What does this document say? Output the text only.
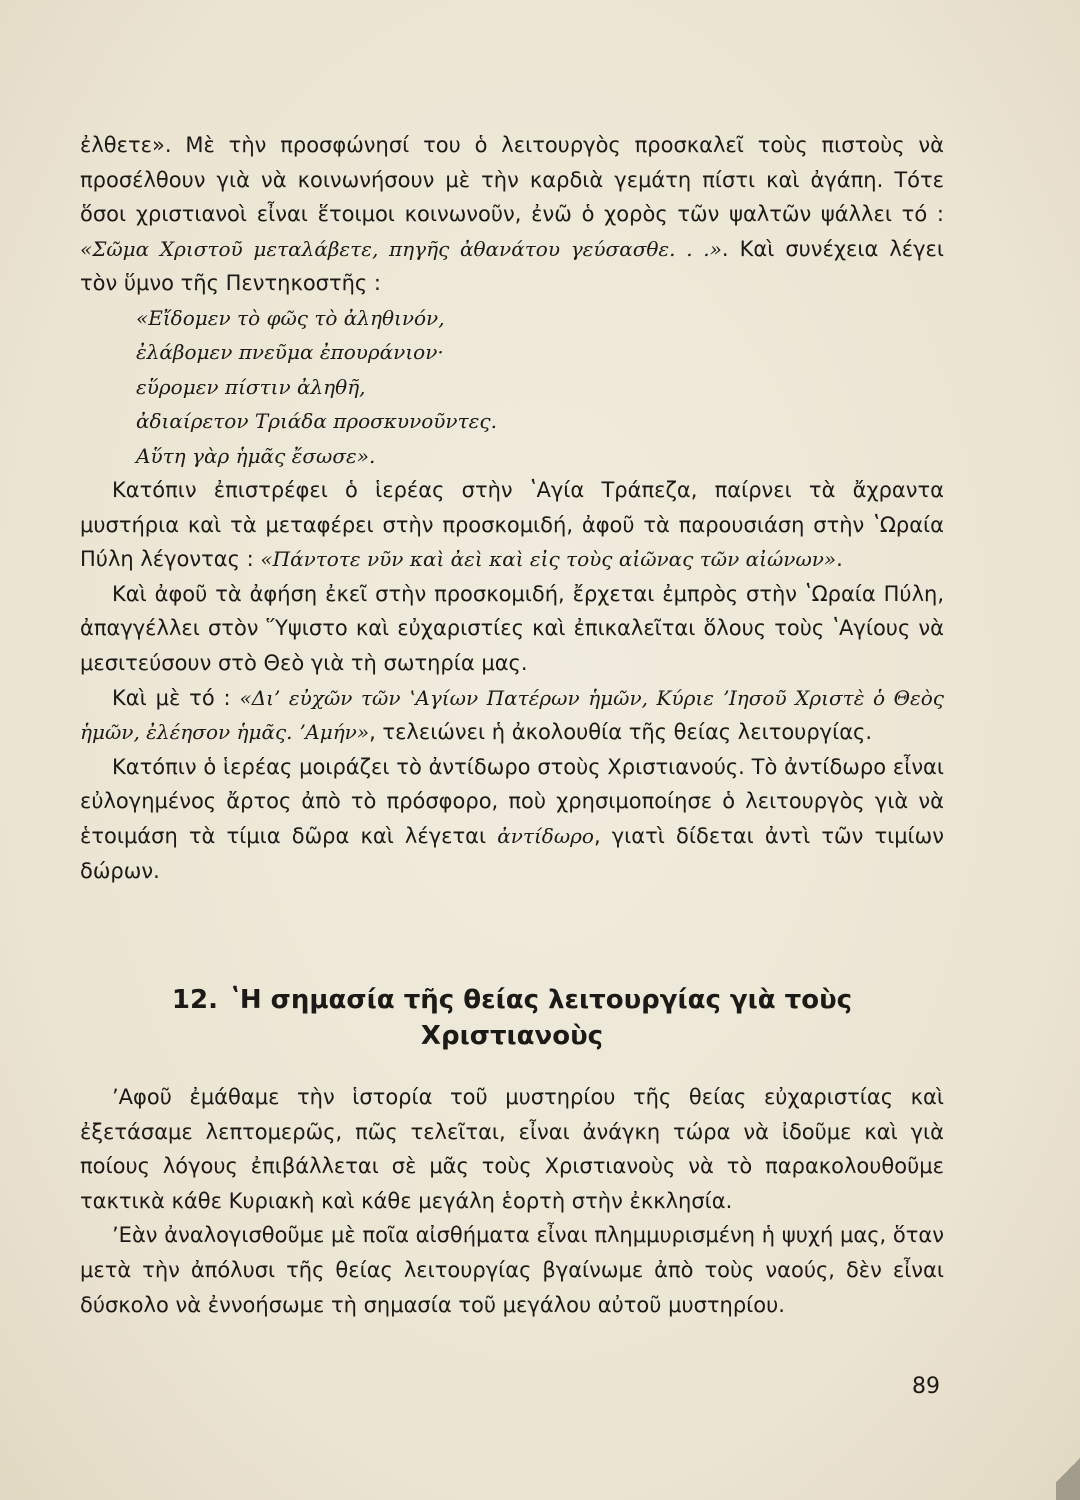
ἐλθετε». Μὲ τὴν προσφώνησί του ὁ λειτουργὸς προσκαλεῖ τοὺς πιστοὺς νὰ προσέλθουν γιὰ νὰ κοινωνήσουν μὲ τὴν καρδιὰ γεμάτη πίστι καὶ ἀγάπη. Τότε ὅσοι χριστιανοὶ εἶναι ἕτοιμοι κοινωνοῦν, ἐνῶ ὁ χορὸς τῶν ψαλτῶν ψάλλει τό : «Σῶμα Χριστοῦ μεταλάβετε, πηγῆς ἀθανάτου γεύσασθε. . .». Καὶ συνέχεια λέγει τὸν ὕμνο τῆς Πεντηκοστῆς :

«Εἴδομεν τὸ φῶς τὸ ἀληθινόν,
ἐλάβομεν πνεῦμα ἐπουράνιον·
εὕρομεν πίστιν ἀληθῆ,
ἀδιαίρετον Τριάδα προσκυνοῦντες.
Αὕτη γὰρ ἡμᾶς ἔσωσε».

Κατόπιν ἐπιστρέφει ὁ ἱερέας στὴν ʽΑγία Τράπεζα, παίρνει τὰ ἄχραντα μυστήρια καὶ τὰ μεταφέρει στὴν προσκομιδή, ἀφοῦ τὰ παρουσιάση στὴν ʽΩραία Πύλη λέγοντας : «Πάντοτε νῦν καὶ ἀεὶ καὶ εἰς τοὺς αἰῶνας τῶν αἰώνων».

Καὶ ἀφοῦ τὰ ἀφήση ἐκεῖ στὴν προσκομιδή, ἔρχεται ἐμπρὸς στὴν ʽΩραία Πύλη, ἀπαγγέλλει στὸν Ὕψιστο καὶ εὐχαριστίες καὶ ἐπικαλεῖται ὅλους τοὺς ʽΑγίους νὰ μεσιτεύσουν στὸ Θεὸ γιὰ τὴ σωτηρία μας.

Καὶ μὲ τό : «Δι’ εὐχῶν τῶν ʽΑγίων Πατέρων ἡμῶν, Κύριε ʼΙησοῦ Χριστὲ ὁ Θεὸς ἡμῶν, ἐλέησον ἡμᾶς. ʼΑμήν», τελειώνει ἡ ἀκολουθία τῆς θείας λειτουργίας.

Κατόπιν ὁ ἱερέας μοιράζει τὸ ἀντίδωρο στοὺς Χριστιανούς. Τὸ ἀντίδωρο εἶναι εὐλογημένος ἄρτος ἀπὸ τὸ πρόσφορο, ποὺ χρησιμοποίησε ὁ λειτουργὸς γιὰ νὰ ἑτοιμάση τὰ τίμια δῶρα καὶ λέγεται ἀντίδωρο, γιατὶ δίδεται ἀντὶ τῶν τιμίων δώρων.

12. ʽΗ σημασία τῆς θείας λειτουργίας γιὰ τοὺς Χριστιανοὺς

ʼΑφοῦ ἐμάθαμε τὴν ἱστορία τοῦ μυστηρίου τῆς θείας εὐχαριστίας καὶ ἐξετάσαμε λεπτομερῶς, πῶς τελεῖται, εἶναι ἀνάγκη τώρα νὰ ἰδοῦμε καὶ γιὰ ποίους λόγους ἐπιβάλλεται σὲ μᾶς τοὺς Χριστιανοὺς νὰ τὸ παρακολουθοῦμε τακτικὰ κάθε Κυριακὴ καὶ κάθε μεγάλη ἑορτὴ στὴν ἐκκλησία.

ʼΕὰν ἀναλογισθοῦμε μὲ ποῖα αἰσθήματα εἶναι πλημμυρισμένη ἡ ψυχή μας, ὅταν μετὰ τὴν ἀπόλυσι τῆς θείας λειτουργίας βγαίνωμε ἀπὸ τοὺς ναούς, δὲν εἶναι δύσκολο νὰ ἐννοήσωμε τὴ σημασία τοῦ μεγάλου αὐτοῦ μυστηρίου.

89
